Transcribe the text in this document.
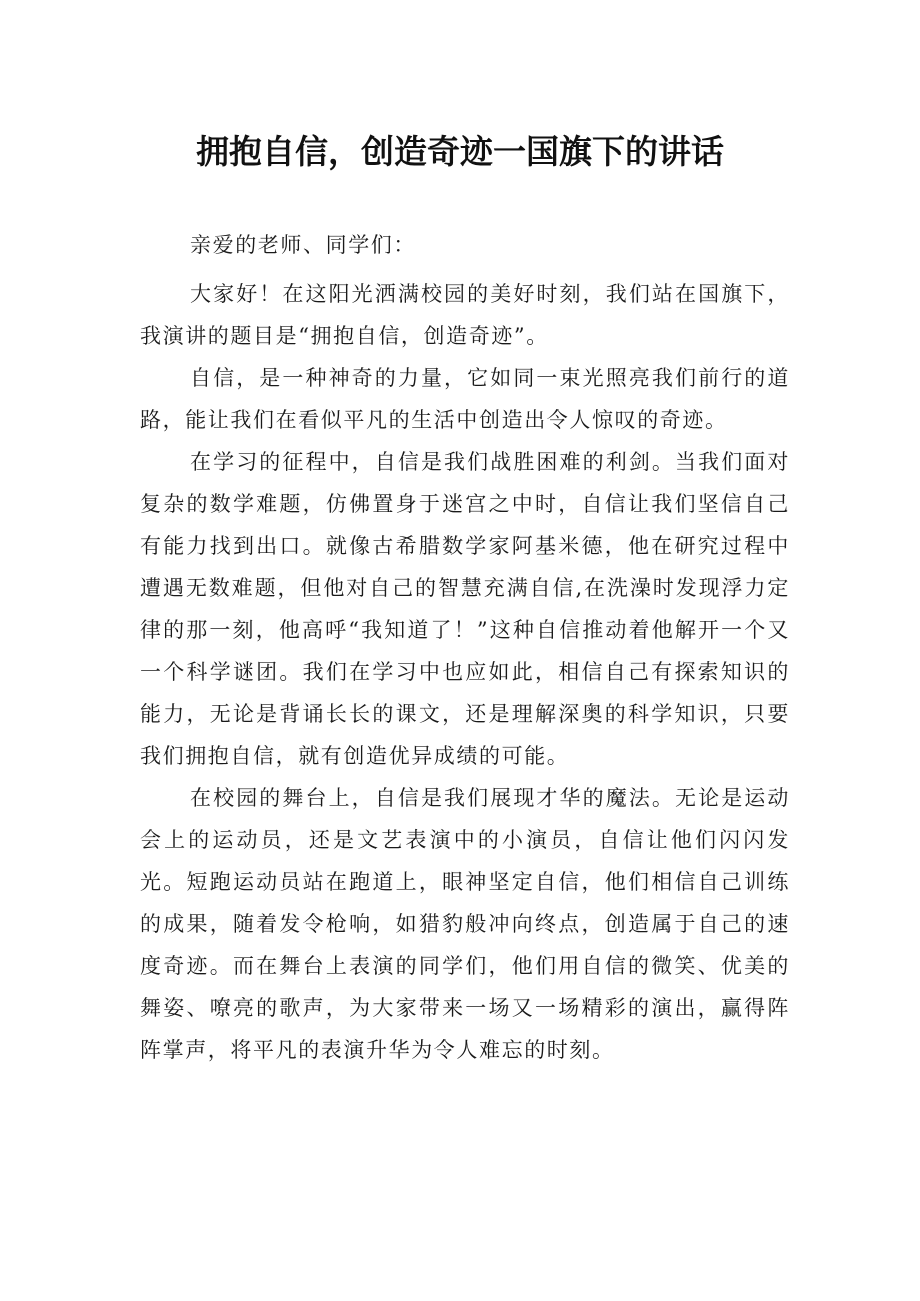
拥抱自信，创造奇迹一国旗下的讲话

亲爱的老师、同学们：

大家好！在这阳光洒满校园的美好时刻，我们站在国旗下，我演讲的题目是“拥抱自信，创造奇迹”。

自信，是一种神奇的力量，它如同一束光照亮我们前行的道路，能让我们在看似平凡的生活中创造出令人惊叹的奇迹。

在学习的征程中，自信是我们战胜困难的利剑。当我们面对复杂的数学难题，仿佛置身于迷宫之中时，自信让我们坚信自己有能力找到出口。就像古希腊数学家阿基米德，他在研究过程中遭遇无数难题，但他对自己的智慧充满自信,在洗澡时发现浮力定律的那一刻，他高呼“我知道了！”这种自信推动着他解开一个又一个科学谜团。我们在学习中也应如此，相信自己有探索知识的能力，无论是背诵长长的课文，还是理解深奥的科学知识，只要我们拥抱自信，就有创造优异成绩的可能。

在校园的舞台上，自信是我们展现才华的魔法。无论是运动会上的运动员，还是文艺表演中的小演员，自信让他们闪闪发光。短跑运动员站在跑道上，眼神坚定自信，他们相信自己训练的成果，随着发令枪响，如猎豹般冲向终点，创造属于自己的速度奇迹。而在舞台上表演的同学们，他们用自信的微笑、优美的舞姿、嘹亮的歌声，为大家带来一场又一场精彩的演出，赢得阵阵掌声，将平凡的表演升华为令人难忘的时刻。
